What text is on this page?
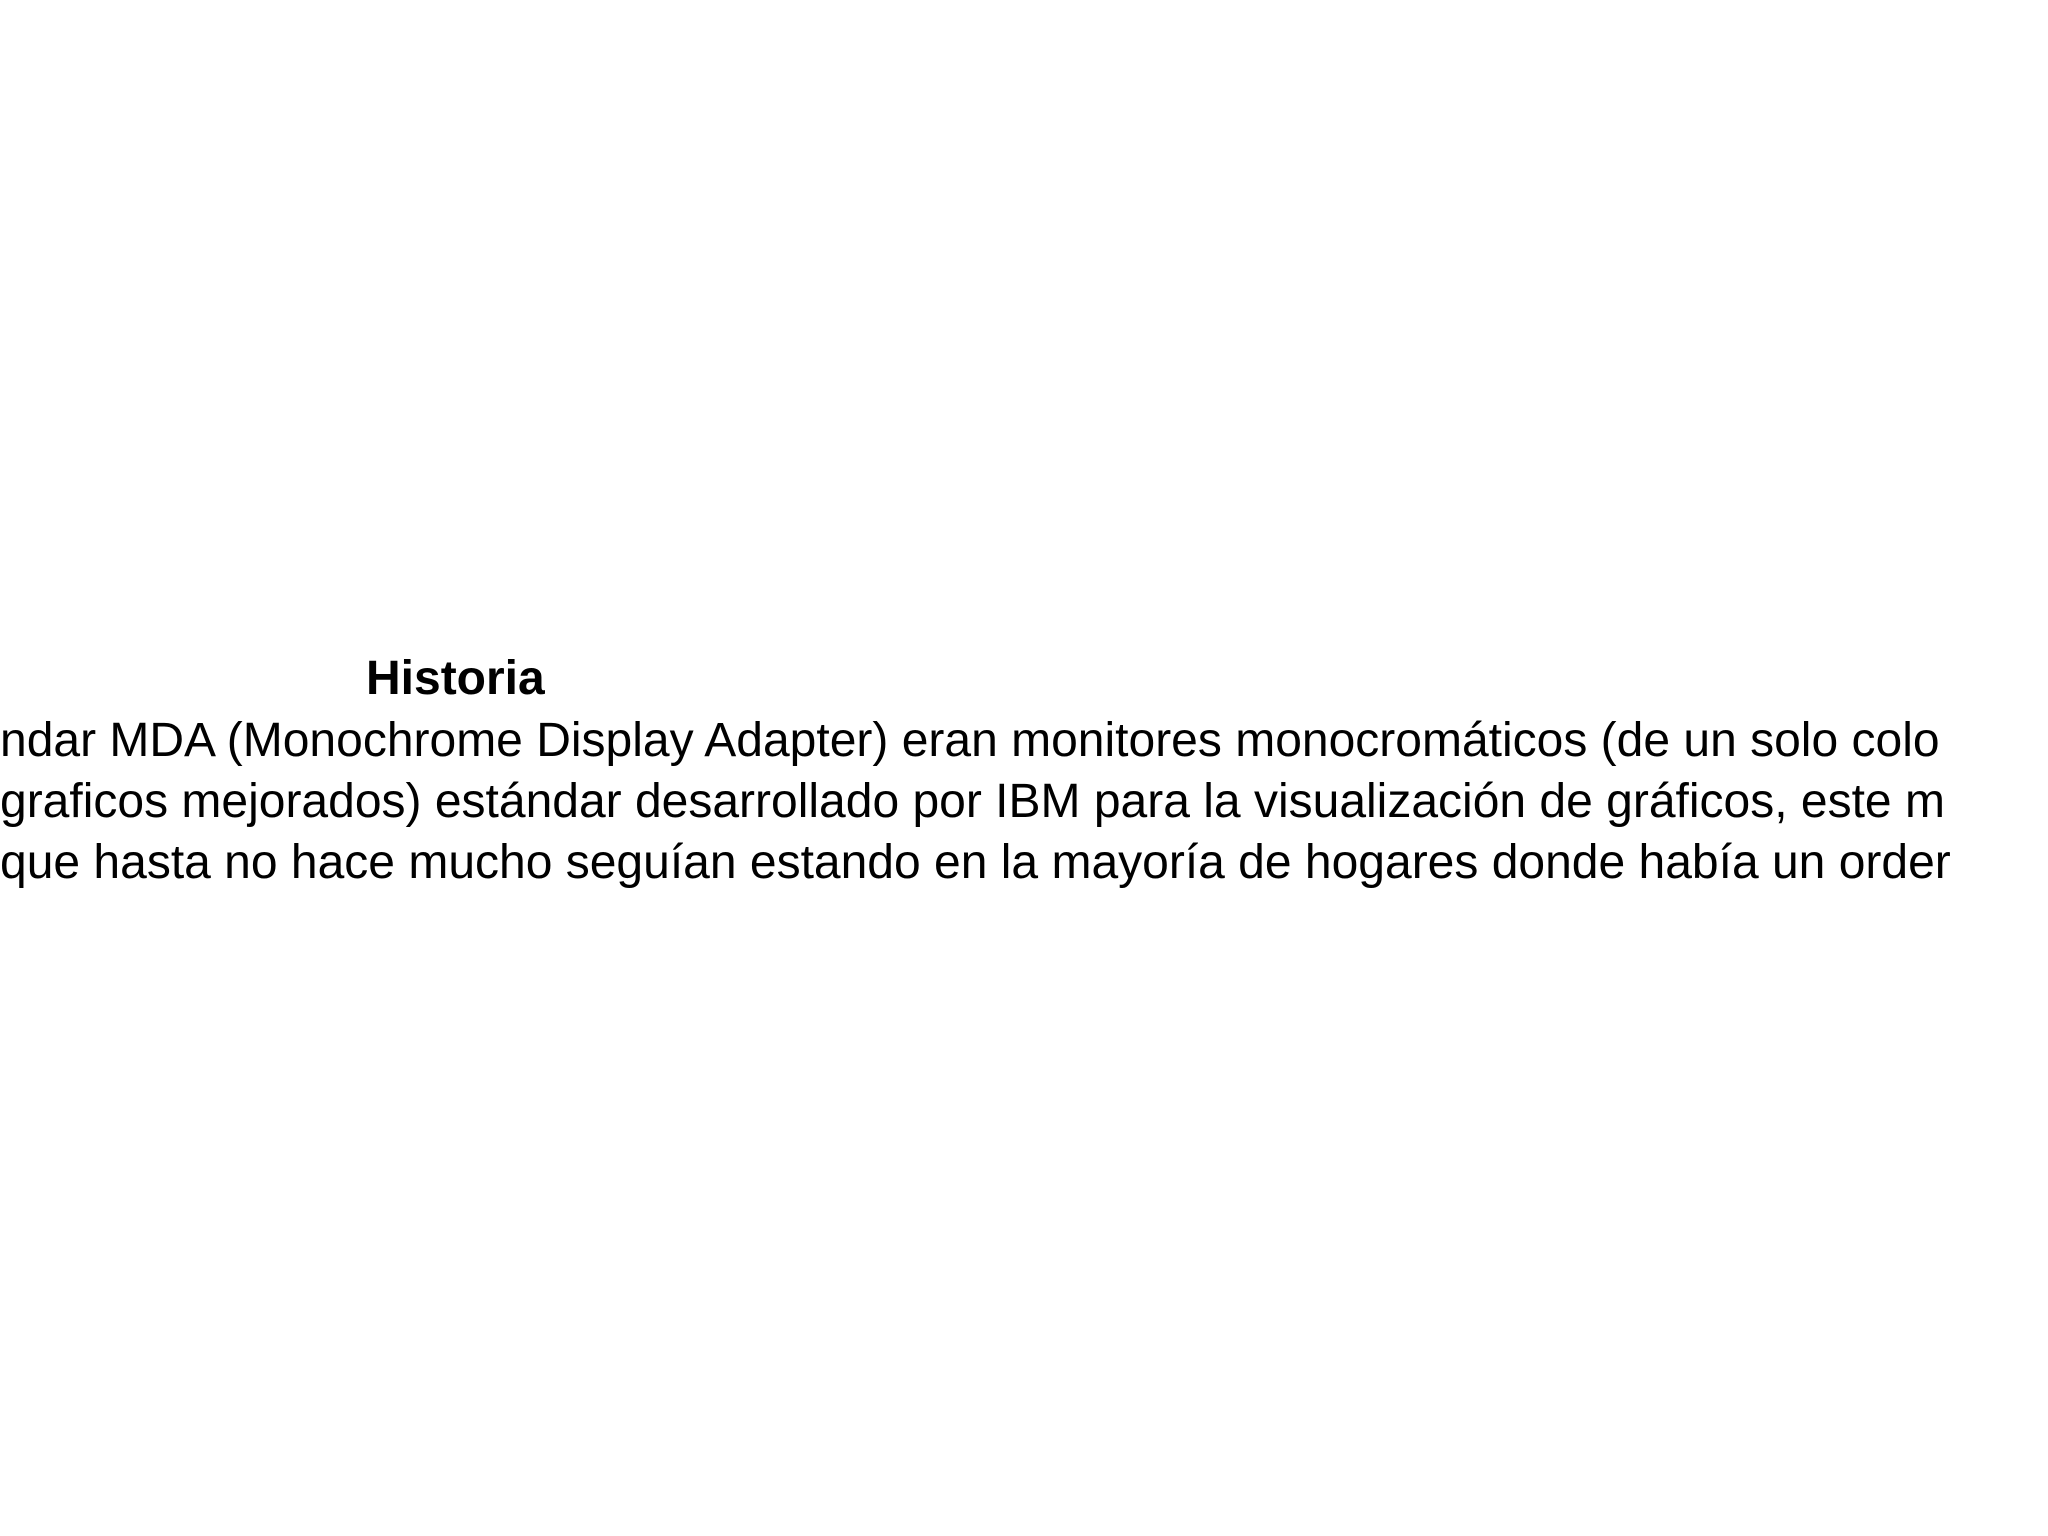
Historia
ndar MDA (Monochrome Display Adapter) eran monitores monocromáticos (de un solo colo
graficos mejorados) estándar desarrollado por IBM para la visualización de gráficos, este m
que hasta no hace mucho seguían estando en la mayoría de hogares donde había un order
